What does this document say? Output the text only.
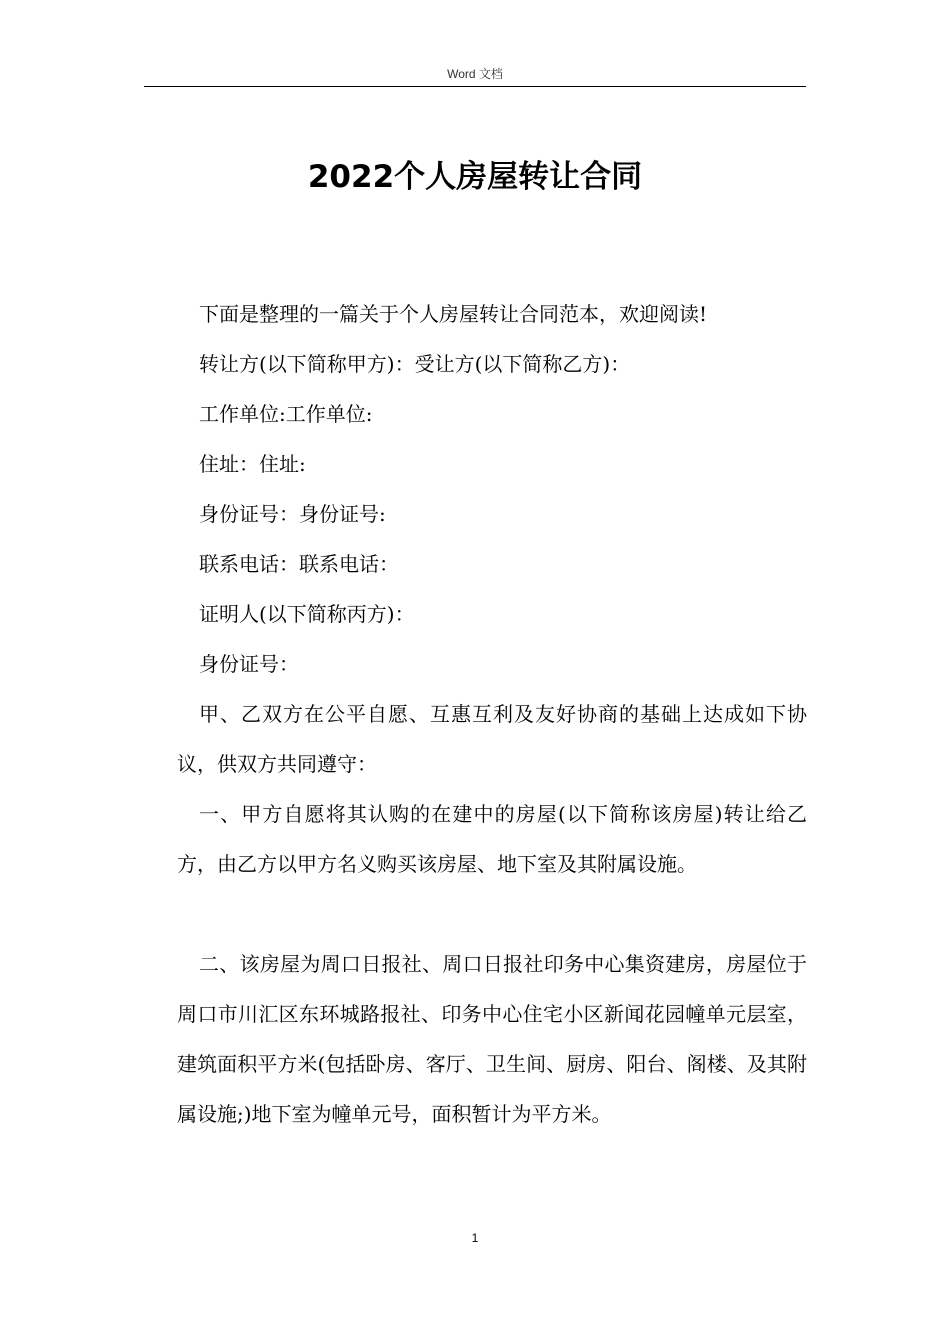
Word 文档
2022个人房屋转让合同

下面是整理的一篇关于个人房屋转让合同范本，欢迎阅读!

转让方(以下简称甲方)：受让方(以下简称乙方)：

工作单位:工作单位:

住址：住址:

身份证号：身份证号:

联系电话：联系电话：

证明人(以下简称丙方)：

身份证号：

甲、乙双方在公平自愿、互惠互利及友好协商的基础上达成如下协议，供双方共同遵守：

一、甲方自愿将其认购的在建中的房屋(以下简称该房屋)转让给乙方，由乙方以甲方名义购买该房屋、地下室及其附属设施。

二、该房屋为周口日报社、周口日报社印务中心集资建房，房屋位于周口市川汇区东环城路报社、印务中心住宅小区新闻花园幢单元层室，建筑面积平方米(包括卧房、客厅、卫生间、厨房、阳台、阁楼、及其附属设施;)地下室为幢单元号，面积暂计为平方米。

1
